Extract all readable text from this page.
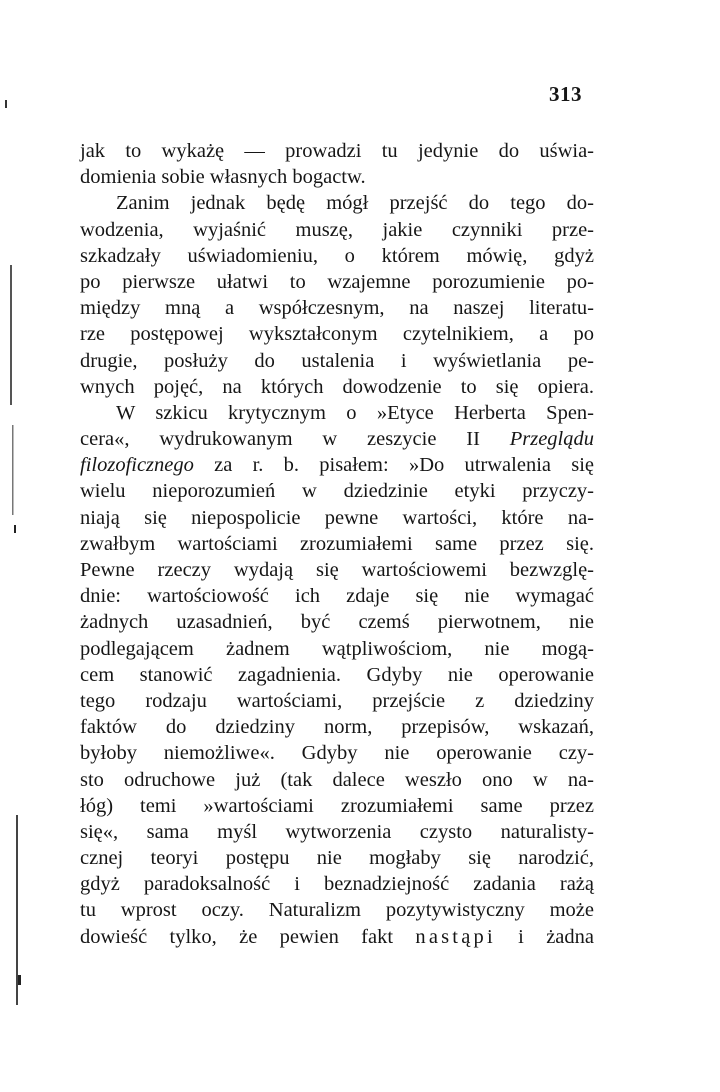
313
jak to wykażę — prowadzi tu jedynie do uświa-
domienia sobie własnych bogactw.
Zanim jednak będę mógł przejść do tego do-
wodzenia, wyjaśnić muszę, jakie czynniki prze-
szkadzały uświadomieniu, o którem mówię, gdyż
po pierwsze ułatwi to wzajemne porozumienie po-
między mną a współczesnym, na naszej literatu-
rze postępowej wykształconym czytelnikiem, a po
drugie, posłuży do ustalenia i wyświetlania pe-
wnych pojęć, na których dowodzenie to się opiera.
W szkicu krytycznym o »Etyce Herberta Spen-
cera«, wydrukowanym w zeszycie II Przeglądu
filozoficznego za r. b. pisałem: »Do utrwalenia się
wielu nieporozumień w dziedzinie etyki przyczy-
niają się niepospolicie pewne wartości, które na-
zwałbym wartościami zrozumiałemi same przez się.
Pewne rzeczy wydają się wartościowemi bezwzglę-
dnie: wartościowość ich zdaje się nie wymagać
żadnych uzasadnień, być czemś pierwotnem, nie
podlegającem żadnem wątpliwościom, nie mogą-
cem stanowić zagadnienia. Gdyby nie operowanie
tego rodzaju wartościami, przejście z dziedziny
faktów do dziedziny norm, przepisów, wskazań,
byłoby niemożliwe«. Gdyby nie operowanie czy-
sto odruchowe już (tak dalece weszło ono w na-
łóg) temi »wartościami zrozumiałemi same przez
się«, sama myśl wytworzenia czysto naturalisty-
cznej teoryi postępu nie mogłaby się narodzić,
gdyż paradoksalność i beznadziejność zadania rażą
tu wprost oczy. Naturalizm pozytywistyczny może
dowieść tylko, że pewien fakt nastąpi i żadna
